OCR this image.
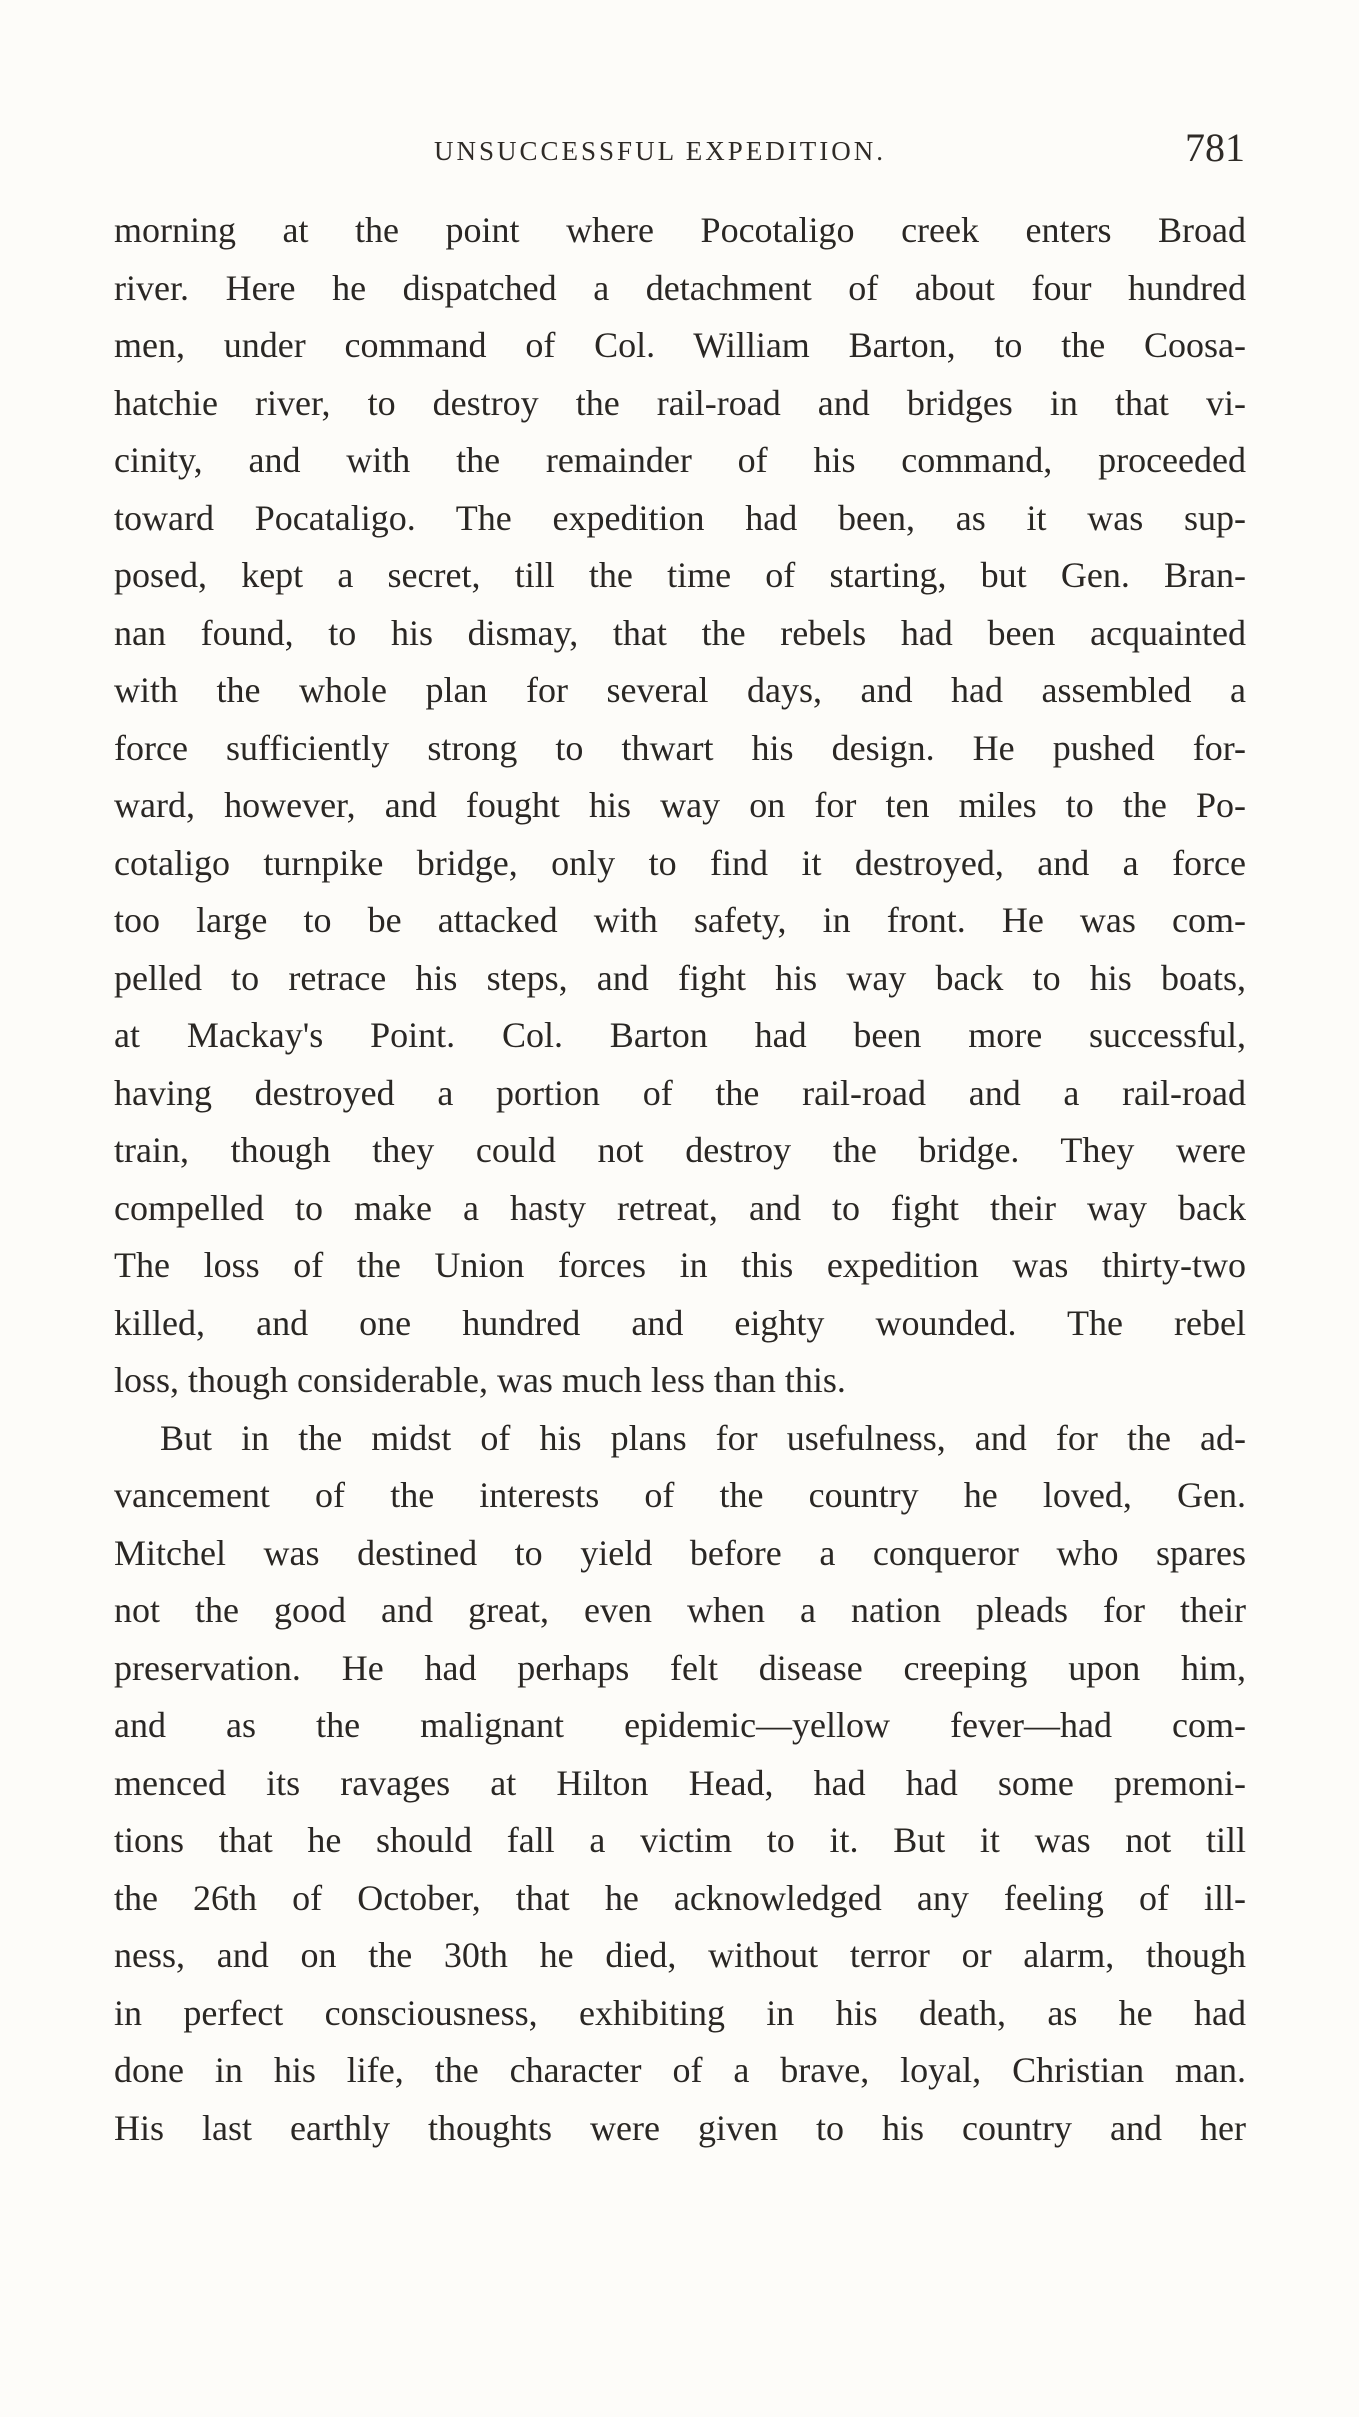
UNSUCCESSFUL EXPEDITION.	781
morning at the point where Pocotaligo creek enters Broad
river. Here he dispatched a detachment of about four hundred
men, under command of Col. William Barton, to the Coosa-
hatchie river, to destroy the rail-road and bridges in that vi-
cinity, and with the remainder of his command, proceeded
toward Pocataligo. The expedition had been, as it was sup-
posed, kept a secret, till the time of starting, but Gen. Bran-
nan found, to his dismay, that the rebels had been acquainted
with the whole plan for several days, and had assembled a
force sufficiently strong to thwart his design. He pushed for-
ward, however, and fought his way on for ten miles to the Po-
cotaligo turnpike bridge, only to find it destroyed, and a force
too large to be attacked with safety, in front. He was com-
pelled to retrace his steps, and fight his way back to his boats,
at Mackay's Point. Col. Barton had been more successful,
having destroyed a portion of the rail-road and a rail-road
train, though they could not destroy the bridge. They were
compelled to make a hasty retreat, and to fight their way back
The loss of the Union forces in this expedition was thirty-two
killed, and one hundred and eighty wounded. The rebel
loss, though considerable, was much less than this.
But in the midst of his plans for usefulness, and for the ad-
vancement of the interests of the country he loved, Gen.
Mitchel was destined to yield before a conqueror who spares
not the good and great, even when a nation pleads for their
preservation. He had perhaps felt disease creeping upon him,
and as the malignant epidemic—yellow fever—had com-
menced its ravages at Hilton Head, had had some premoni-
tions that he should fall a victim to it. But it was not till
the 26th of October, that he acknowledged any feeling of ill-
ness, and on the 30th he died, without terror or alarm, though
in perfect consciousness, exhibiting in his death, as he had
done in his life, the character of a brave, loyal, Christian man.
His last earthly thoughts were given to his country and her
